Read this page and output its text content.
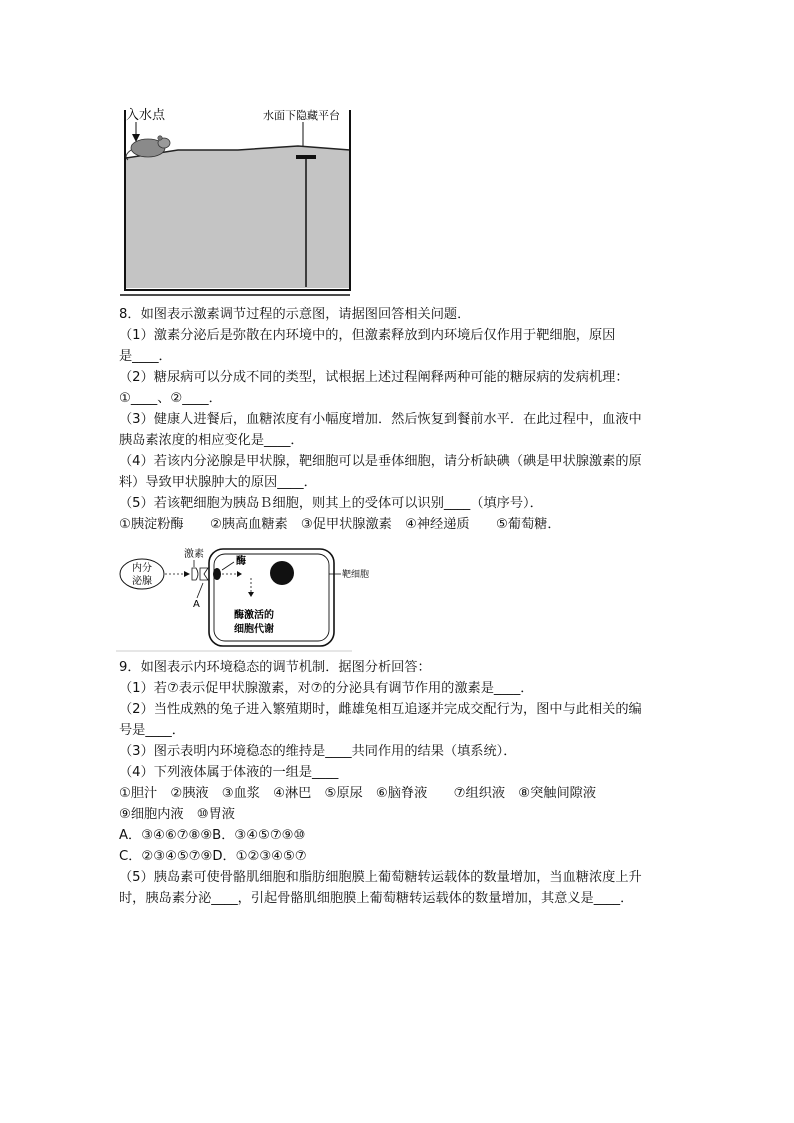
入水点	水面下隐藏平台
8．如图表示激素调节过程的示意图，请据图回答相关问题．
（1）激素分泌后是弥散在内环境中的，但激素释放到内环境后仅作用于靶细胞，原因
是____．
（2）糖尿病可以分成不同的类型，试根据上述过程阐释两种可能的糖尿病的发病机理：
①____、②____．
（3）健康人进餐后，血糖浓度有小幅度增加．然后恢复到餐前水平．在此过程中，血液中
胰岛素浓度的相应变化是____．
（4）若该内分泌腺是甲状腺，靶细胞可以是垂体细胞，请分析缺碘（碘是甲状腺激素的原
料）导致甲状腺肿大的原因____．
（5）若该靶细胞为胰岛Ｂ细胞，则其上的受体可以识别____（填序号）．
①胰淀粉酶　　②胰高血糖素　③促甲状腺激素　④神经递质　　⑤葡萄糖．
内分
泌腺
激素
A
酶
酶激活的
细胞代谢
靶细胞
9．如图表示内环境稳态的调节机制．据图分析回答：
（1）若⑦表示促甲状腺激素，对⑦的分泌具有调节作用的激素是____．
（2）当性成熟的兔子进入繁殖期时，雌雄兔相互追逐并完成交配行为，图中与此相关的编
号是____．
（3）图示表明内环境稳态的维持是____共同作用的结果（填系统）．
（4）下列液体属于体液的一组是____
①胆汁　②胰液　③血浆　④淋巴　⑤原尿　⑥脑脊液　　⑦组织液　⑧突触间隙液
⑨细胞内液　⑩胃液
A．③④⑥⑦⑧⑨B．③④⑤⑦⑨⑩
C．②③④⑤⑦⑨D．①②③④⑤⑦
（5）胰岛素可使骨骼肌细胞和脂肪细胞膜上葡萄糖转运载体的数量增加，当血糖浓度上升
时，胰岛素分泌____，引起骨骼肌细胞膜上葡萄糖转运载体的数量增加，其意义是____．
